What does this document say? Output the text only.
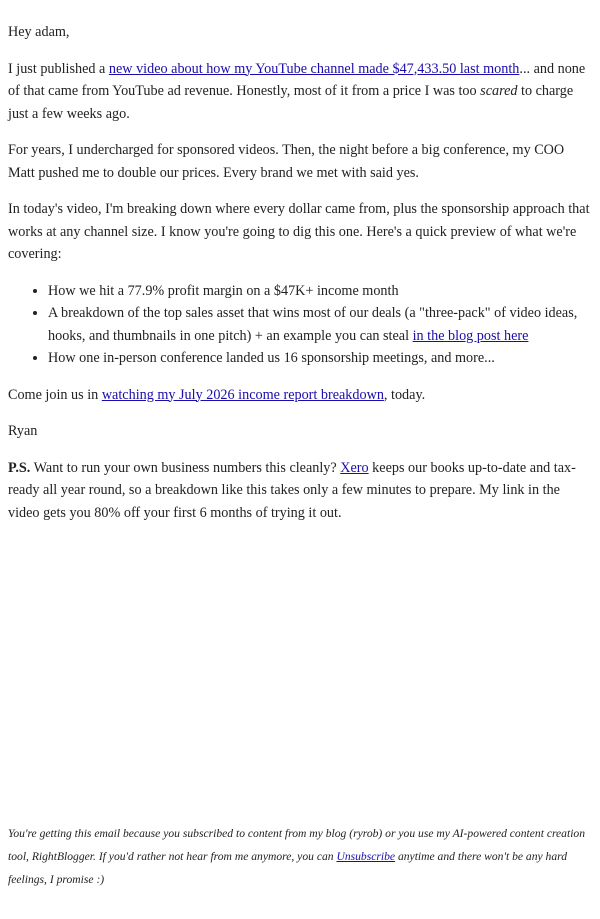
Hey adam,

I just published a new video about how my YouTube channel made $47,433.50 last month... and none of that came from YouTube ad revenue. Honestly, most of it from a price I was too scared to charge just a few weeks ago.

For years, I undercharged for sponsored videos. Then, the night before a big conference, my COO Matt pushed me to double our prices. Every brand we met with said yes.

In today's video, I'm breaking down where every dollar came from, plus the sponsorship approach that works at any channel size. I know you're going to dig this one. Here's a quick preview of what we're covering:

• How we hit a 77.9% profit margin on a $47K+ income month
• A breakdown of the top sales asset that wins most of our deals (a "three-pack" of video ideas, hooks, and thumbnails in one pitch) + an example you can steal in the blog post here
• How one in-person conference landed us 16 sponsorship meetings, and more...

Come join us in watching my July 2026 income report breakdown, today.

Ryan

P.S. Want to run your own business numbers this cleanly? Xero keeps our books up-to-date and tax-ready all year round, so a breakdown like this takes only a few minutes to prepare. My link in the video gets you 80% off your first 6 months of trying it out.

You're getting this email because you subscribed to content from my blog (ryrob) or you use my AI-powered content creation tool, RightBlogger. If you'd rather not hear from me anymore, you can Unsubscribe anytime and there won't be any hard feelings, I promise :)
